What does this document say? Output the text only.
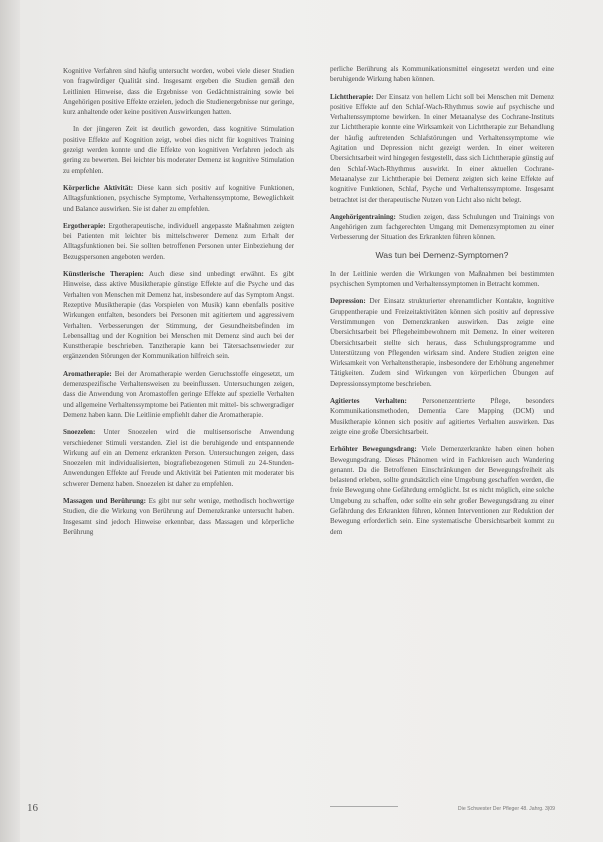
Kognitive Verfahren sind häufig untersucht worden, wobei viele dieser Studien von fragwürdiger Qualität sind. Insgesamt ergeben die Studien gemäß den Leitlinien Hinweise, dass die Ergebnisse von Gedächtnistraining sowie bei Angehörigen positive Effekte erzielen, jedoch die Studienergebnisse nur geringe, kurz anhaltende oder keine positiven Auswirkungen hatten.

In der jüngeren Zeit ist deutlich geworden, dass kognitive Stimulation positive Effekte auf Kognition zeigt, wobei dies nicht für kognitives Training gezeigt werden konnte und die Effekte von kognitiven Verfahren jedoch als gering zu bewerten. Bei leichter bis moderater Demenz ist kognitive Stimulation zu empfehlen.

Körperliche Aktivität: Diese kann sich positiv auf kognitive Funktionen, Alltagsfunktionen, psychische Symptome, Verhaltenssymptome, Beweglichkeit und Balance auswirken. Sie ist daher zu empfehlen.

Ergotherapie: Ergotherapeutische, individuell angepasste Maßnahmen zeigten bei Patienten mit leichter bis mittelschwerer Demenz zum Erhalt der Alltagsfunktionen bei. Sie sollten betroffenen Personen unter Einbeziehung der Bezugspersonen angeboten werden.

Künstlerische Therapien: Auch diese sind unbedingt erwähnt. Es gibt Hinweise, dass aktive Musiktherapie günstige Effekte auf die Psyche und das Verhalten von Menschen mit Demenz hat, insbesondere auf das Symptom Angst. Rezeptive Musiktherapie (das Vorspielen von Musik) kann ebenfalls positive Wirkungen entfalten, besonders bei Personen mit agitiertem und aggressivem Verhalten. Verbesserungen der Stimmung, der Gesundheitsbefinden im Lebensalltag und der Kognition bei Menschen mit Demenz sind auch bei der Kunsttherapie beschrieben. Tanztherapie kann bei Tätersachsenwieder zur ergänzenden Störungen der Kommunikation hilfreich sein.

Aromatherapie: Bei der Aromatherapie werden Geruchsstoffe eingesetzt, um demenzspezifische Verhaltensweisen zu beeinflussen. Untersuchungen zeigen, dass die Anwendung von Aromastoffen geringe Effekte auf spezielle Verhalten und allgemeine Verhaltenssymptome bei Patienten mit mittel- bis schwergradiger Demenz haben kann. Die Leitlinie empfiehlt daher die Aromatherapie.

Snoezelen: Unter Snoezelen wird die multisensorische Anwendung verschiedener Stimuli verstanden. Ziel ist die beruhigende und entspannende Wirkung auf ein an Demenz erkrankten Person. Untersuchungen zeigen, dass Snoezelen mit individualisierten, biografiebezogenen Stimuli zu 24-Stunden-Anwendungen Effekte auf Freude und Aktivität bei Patienten mit moderater bis schwerer Demenz haben. Snoezelen ist daher zu empfehlen.

Massagen und Berührung: Es gibt nur sehr wenige, methodisch hochwertige Studien, die die Wirkung von Berührung auf Demenzkranke untersucht haben. Insgesamt sind jedoch Hinweise erkennbar, dass Massagen und körperliche Berührung

perliche Berührung als Kommunikationsmittel eingesetzt werden und eine beruhigende Wirkung haben können.

Lichttherapie: Der Einsatz von hellem Licht soll bei Menschen mit Demenz positive Effekte auf den Schlaf-Wach-Rhythmus sowie auf psychische und Verhaltenssymptome bewirken. In einer Metaanalyse des Cochrane-Instituts zur Lichttherapie konnte eine Wirksamkeit von Lichttherapie zur Behandlung der häufig auftretenden Schlafstörungen und Verhaltenssymptome wie Agitation und Depression nicht gezeigt werden. In einer weiteren Übersichtsarbeit wird hingegen festgestellt, dass sich Lichttherapie günstig auf den Schlaf-Wach-Rhythmus auswirkt. In einer aktuellen Cochrane-Metaanalyse zur Lichttherapie bei Demenz zeigten sich keine Effekte auf kognitive Funktionen, Schlaf, Psyche und Verhaltenssymptome. Insgesamt betrachtet ist der therapeutische Nutzen von Licht also nicht belegt.

Angehörigentraining: Studien zeigen, dass Schulungen und Trainings von Angehörigen zum fachgerechten Umgang mit Demenzsymptomen zu einer Verbesserung der Situation des Erkrankten führen können.

Was tun bei Demenz-Symptomen?

In der Leitlinie werden die Wirkungen von Maßnahmen bei bestimmten psychischen Symptomen und Verhaltenssymptomen in Betracht kommen.

Depression: Der Einsatz strukturierter ehrenamtlicher Kontakte, kognitive Gruppentherapie und Freizeitaktivitäten können sich positiv auf depressive Verstimmungen von Demenzkranken auswirken. Das zeigte eine Übersichtsarbeit bei Pflegeheimbewohnern mit Demenz. In einer weiteren Übersichtsarbeit stellte sich heraus, dass Schulungsprogramme und Unterstützung von Pflegenden wirksam sind. Andere Studien zeigten eine Wirksamkeit von Verhaltenstherapie, insbesondere der Erhöhung angenehmer Tätigkeiten. Zudem sind Wirkungen von körperlichen Übungen auf Depressionssymptome beschrieben.

Agitiertes Verhalten: Personenzentrierte Pflege, besonders Kommunikationsmethoden, Dementia Care Mapping (DCM) und Musiktherapie können sich positiv auf agitiertes Verhalten auswirken. Das zeigte eine große Übersichtsarbeit.

Erhöhter Bewegungsdrang: Viele Demenzerkrankte haben einen hohen Bewegungsdrang. Dieses Phänomen wird in Fachkreisen auch Wandering genannt. Da die Betroffenen Einschränkungen der Bewegungsfreiheit als belastend erleben, sollte grundsätzlich eine Umgebung geschaffen werden, die freie Bewegung ohne Gefährdung ermöglicht. Ist es nicht möglich, eine solche Umgebung zu schaffen, oder sollte ein sehr großer Bewegungsdrang zu einer Gefährdung des Erkrankten führen, können Interventionen zur Reduktion der Bewegung erforderlich sein. Eine systematische Übersichtsarbeit kommt zu dem

16	Die Schwester Der Pfleger 48. Jahrg. 3|09
